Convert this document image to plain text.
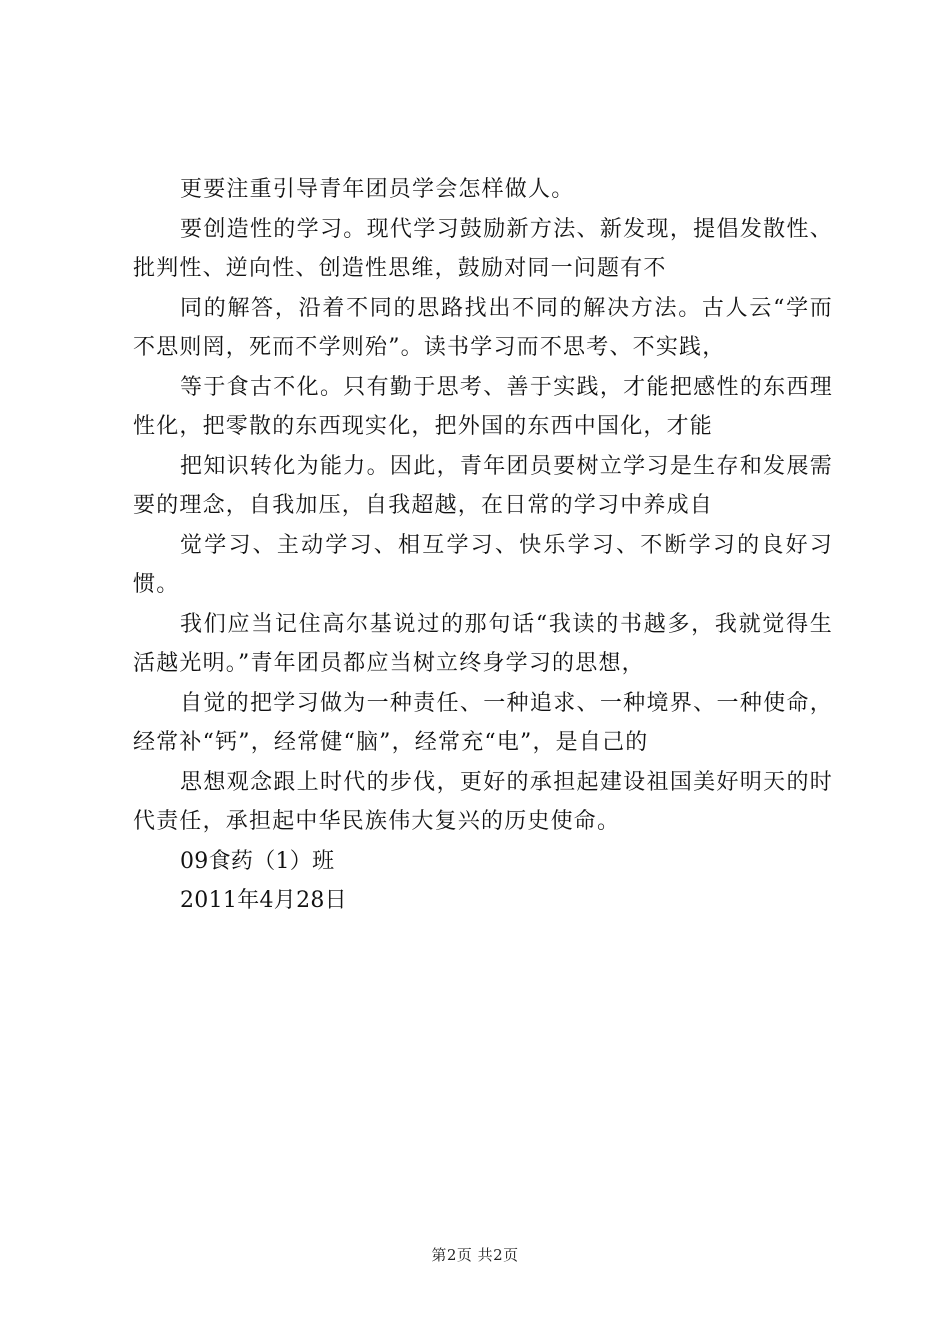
更要注重引导青年团员学会怎样做人。

要创造性的学习。现代学习鼓励新方法、新发现，提倡发散性、批判性、逆向性、创造性思维，鼓励对同一问题有不

同的解答，沿着不同的思路找出不同的解决方法。古人云“学而不思则罔，死而不学则殆”。读书学习而不思考、不实践，

等于食古不化。只有勤于思考、善于实践，才能把感性的东西理性化，把零散的东西现实化，把外国的东西中国化，才能

把知识转化为能力。因此，青年团员要树立学习是生存和发展需要的理念，自我加压，自我超越，在日常的学习中养成自

觉学习、主动学习、相互学习、快乐学习、不断学习的良好习惯。

我们应当记住高尔基说过的那句话“我读的书越多，我就觉得生活越光明。”青年团员都应当树立终身学习的思想，

自觉的把学习做为一种责任、一种追求、一种境界、一种使命，经常补“钙”，经常健“脑”，经常充“电”，是自己的

思想观念跟上时代的步伐，更好的承担起建设祖国美好明天的时代责任，承担起中华民族伟大复兴的历史使命。

09食药（1）班

2011年4月28日

第2页 共2页
